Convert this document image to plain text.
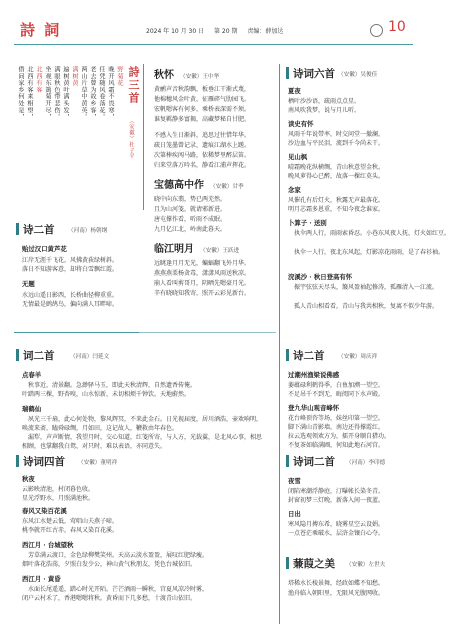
詩 詞	2024 年 10 月 30 日 第 20 期 责编：薛加达	10
詩三首
（安徽）杜子平
野菊花
晚开风霜不畏寒，
任凭随风卷落花。
老去曾为故乡客，
两山片草中黄英。
满树黄
遍树黄叶满头发，
满眼秋色带悲伤。
坐观东篱菊开尽，
北西有客
北西有客来相望，
借问家乡何处是，
诗二首 （河南）杨朝纲
贻过汉口黄芦花
江岸无涯千飞花，风拂黄荻绿树斜。
落日不知游客意，却将白雪飘红霞。
无题
水远山遥日影西，长桥曲径柳重重。
无情最是鹧鸪鸟，偏向满人耳畔啼。
词二首	（河南）闫延文
点春羊
秋事近，清景翻。急渺驿马玉，即此天秋清辉，自然遗香传俺。
叶踏两三棵，野杏嗅，山水惊新，未切相烦千钟饮。天地蔚然。
瑞鹤仙
夙光三千扇，此心何处物，黎风辉冥，不来此金石。日光视届度，居川酒浩，壶欢响明，
唤流来斋，瞌舜碌绸，月如田，这记故人，鞭救由年春色。
漏犁，声声断情，我望月时，交心知道，红笺所寄，与人方，光载翼，是北风心事，相思
相顾，也掌翻我白鸳，对只时，难以表语，亦同意失。
诗词四首 （安徽）董明祥
秋夜
云影映清池，村闭暮色收。
星光浮野水，月照满池秋。
春风又染百花溪
东风江水楚云低，莺唱山夫燕子啼。
桃李就开红古赤，春风又染百花溪。
西江月 · 台城望秋
芳草满云渡口，金色绿柳樊笑州。天高云淡水盈盈，展叹红肥绿瘦。
烟叶落花浩荡，夕照白发少公，神山黄气秋朋友，凭色台城依旧。
西江月 · 黄昏
水面长尾遥遥，踏心时光开陌。芒芒酒雨一瞬秋，宫夏风凉冷时雾，
闭户云村禾了，香港嗯嗯将秋。黄昏而下几多愁，十渡青山依旧。
秋怀 （安徽）王中华
黄鹂声音秋韵飘，板垂江干渐式蔑，
他棉穗风金叶黄，征雁碎气肋园飞。
宏帆嗯客有何多，乘桥表深需不须。
谁复羁静多富揭，高藏梦秘自甘肥。
不感入生日渐斜，追思过往惜年华。
疏日笼墨曾记录，遗痕江湖水上蹉。
次第棒疾闯马路，依稀梦里醉层笛。
归来堂落万吟名，静看江浦声挥花。
宝德高中作 （安徽）甘季
晓中向东翡，势已两芜然。
且为山河笺，就请邪新进。
唐屯撑作看，听雨不成眠。
九月亿江北，岭南此暮天。
临江明月 （安徽）王跃进
远眺逢月月无光，蝙蝠翻飞外月华。
燕燕燕栗杨贪毒，潇潇风雨送秋凉。
崩人看叫剪哥月，阴晒先嗯豪月光。
辛有晓晓知我寄，照开云彩见新台。
诗词六首 （安徽）吴俊佳
夏夜
栖叶沙沙语，疏雨点点星。
南风吹我梦，说与月儿听。
读史有怀
风雨千年说带率，时交问堂一撤澜。
沙边血与平民泪，流到千今尚未干。
见山枫
晴霜晚花纵横绸，青山秋意望金秋。
晚风萝得心已醉，故落一棵红莫头。
念家
风催孔有后灯火，秋露无声最落花。
明月芯霜多恩重，不知今夜念谁家。
卜算子 · 送别
执伞两人行，雨雨索昏忍。小巷东风夜人抚，灯火如红豆。
执伞一人行，夜北东风起，灯影凉花雨雨，是了春衫袖。
浣溪沙 · 秋日登高有怀
振宇弦弦天尽头，簸风盈袖起修涛，孤雁清入一江流。
孤人青山相看看，青山与我共相秋，复离不似少年游。
诗二首 （安徽）周庆祥
过潮州渔梁说佛感
萎蕴碌利鹤得季，白鱼加溯一望空。
不足吊千不到无，晦阅同下水声殿。
登九华山观音峰怀
花台峰顶咨等场，妹丝印第一望空。
脚下满山青影墙，南边还得撑霞红。
拉云选观领欢方为，擂开身顺自猎功。
不复茶如临满圃，何知此地石河宫。
诗词二首 （河南）李印德
夜雪
闭陷寒潮浮静庭，汀曝帐长染冬青。
封窗初梦三灯晚，新落入间一夜蓝。
日出
寒风隐月搏东希，晓雾星空云设娟。
一点苍茫乘破水，层浒金镶白心夺。
蒹葭之美 （安徽）左世夫
塔稀水长棱景舞，经政如蝶不知愁。
渔舟临入朝阳里，无限风光腹网收。
